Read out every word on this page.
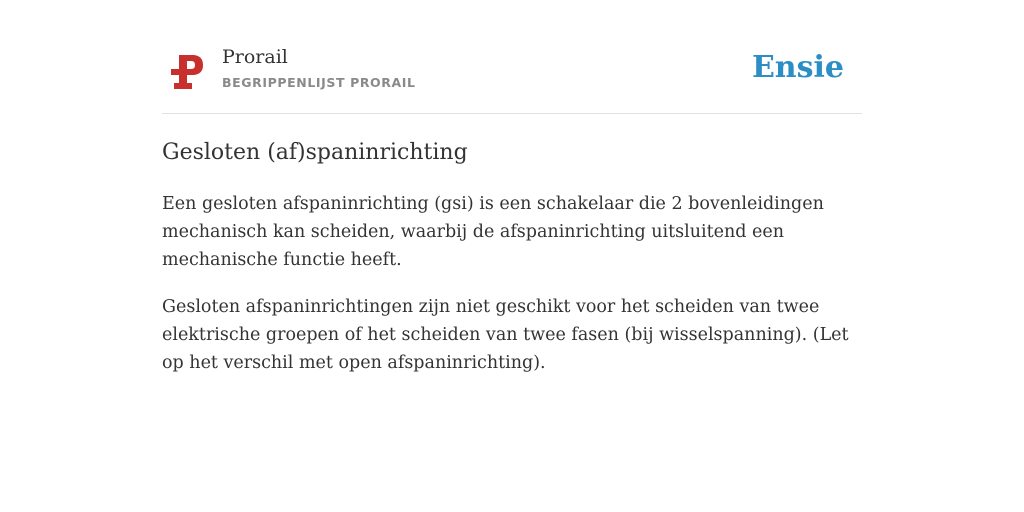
Prorail
BEGRIPPENLIJST PRORAIL	Ensie
Gesloten (af)spaninrichting

Een gesloten afspaninrichting (gsi) is een schakelaar die 2 bovenleidingen mechanisch kan scheiden, waarbij de afspaninrichting uitsluitend een mechanische functie heeft.

Gesloten afspaninrichtingen zijn niet geschikt voor het scheiden van twee elektrische groepen of het scheiden van twee fasen (bij wisselspanning). (Let op het verschil met open afspaninrichting).
